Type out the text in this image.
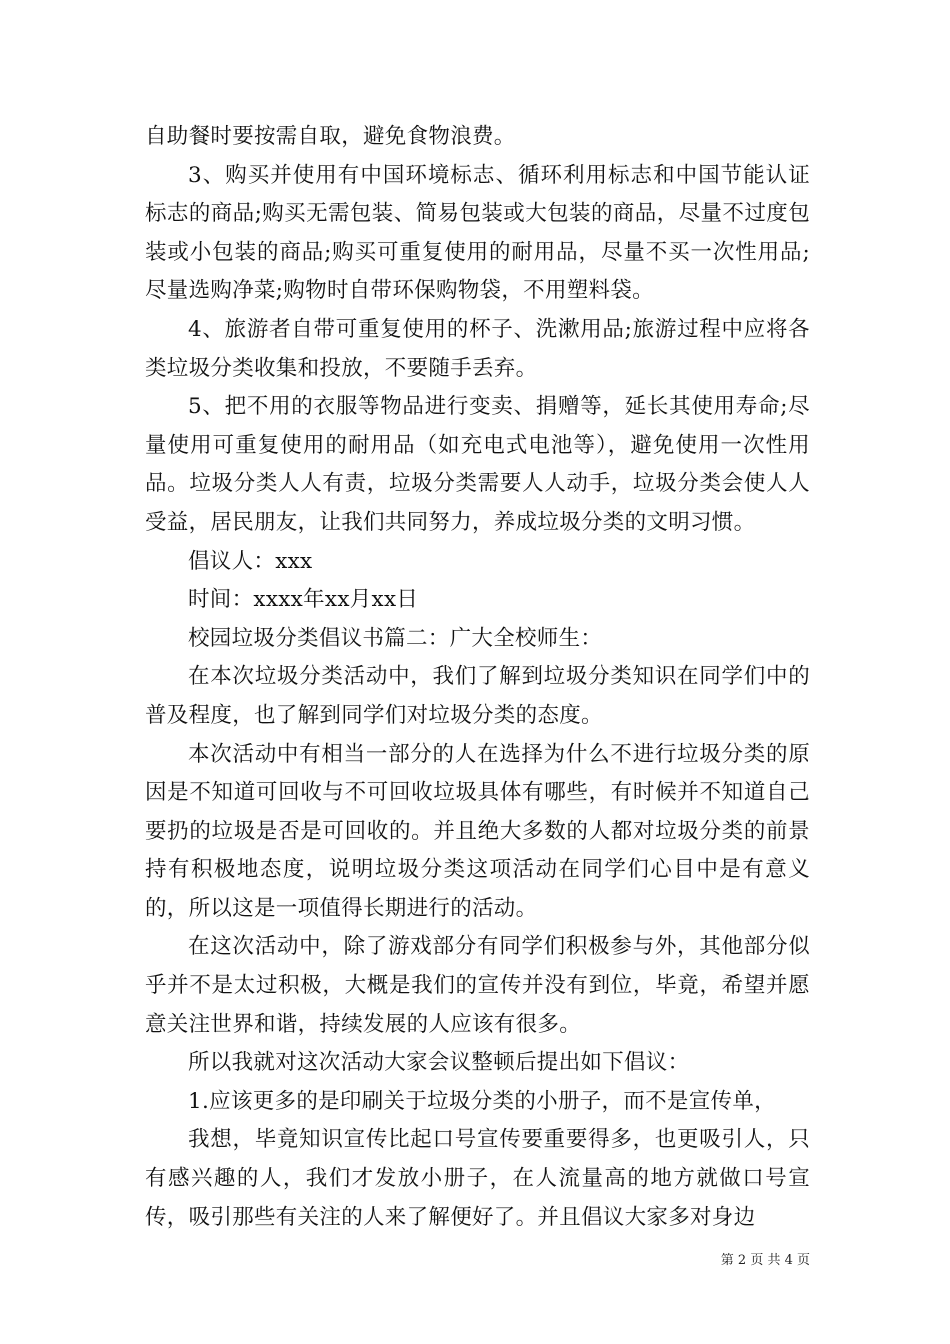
自助餐时要按需自取，避免食物浪费。

3、购买并使用有中国环境标志、循环利用标志和中国节能认证标志的商品;购买无需包装、简易包装或大包装的商品，尽量不过度包装或小包装的商品;购买可重复使用的耐用品，尽量不买一次性用品;尽量选购净菜;购物时自带环保购物袋，不用塑料袋。

4、旅游者自带可重复使用的杯子、洗漱用品;旅游过程中应将各类垃圾分类收集和投放，不要随手丢弃。

5、把不用的衣服等物品进行变卖、捐赠等，延长其使用寿命;尽量使用可重复使用的耐用品（如充电式电池等），避免使用一次性用品。垃圾分类人人有责，垃圾分类需要人人动手，垃圾分类会使人人受益，居民朋友，让我们共同努力，养成垃圾分类的文明习惯。

倡议人：xxx

时间：xxxx年xx月xx日

校园垃圾分类倡议书篇二：广大全校师生：

在本次垃圾分类活动中，我们了解到垃圾分类知识在同学们中的普及程度，也了解到同学们对垃圾分类的态度。

本次活动中有相当一部分的人在选择为什么不进行垃圾分类的原因是不知道可回收与不可回收垃圾具体有哪些，有时候并不知道自己要扔的垃圾是否是可回收的。并且绝大多数的人都对垃圾分类的前景持有积极地态度，说明垃圾分类这项活动在同学们心目中是有意义的，所以这是一项值得长期进行的活动。

在这次活动中，除了游戏部分有同学们积极参与外，其他部分似乎并不是太过积极，大概是我们的宣传并没有到位，毕竟，希望并愿意关注世界和谐，持续发展的人应该有很多。

所以我就对这次活动大家会议整顿后提出如下倡议：

1.应该更多的是印刷关于垃圾分类的小册子，而不是宣传单，

我想，毕竟知识宣传比起口号宣传要重要得多，也更吸引人，只有感兴趣的人，我们才发放小册子，在人流量高的地方就做口号宣传，吸引那些有关注的人来了解便好了。并且倡议大家多对身边

第 2 页 共 4 页
